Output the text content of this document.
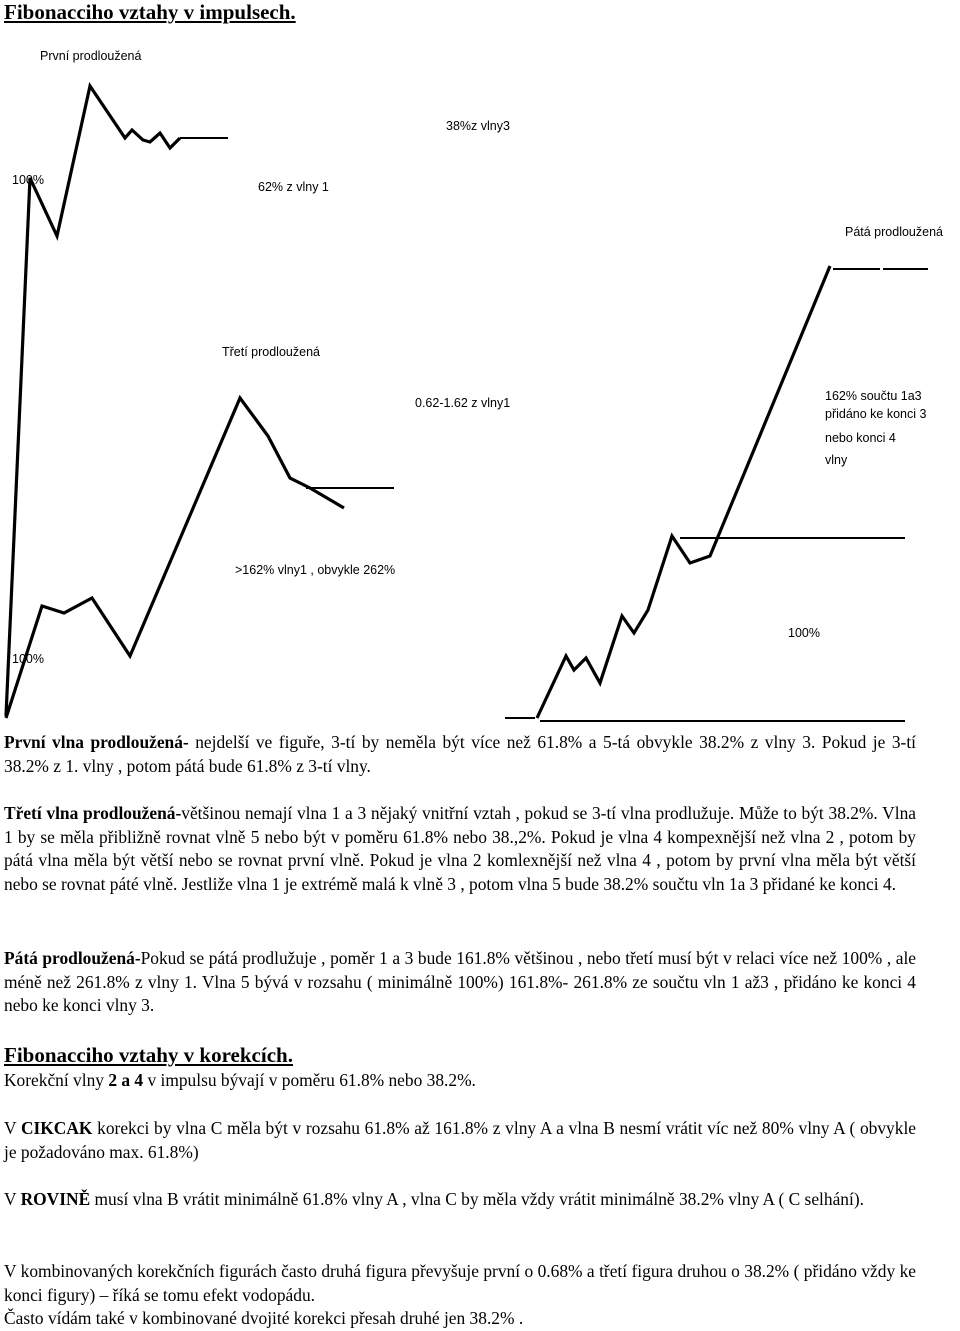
Fibonacciho vztahy v impulsech.
První prodloužená
100%
38%z vlny3
62% z vlny 1
Třetí prodloužená
0.62-1.62 z vlny1
>162% vlny1 , obvykle 262%
100%
Pátá prodloužená
162% součtu 1a3
přidáno ke konci 3
nebo konci 4
vlny
100%

První vlna prodloužená- nejdelší ve figuře, 3-tí by neměla být více než 61.8% a 5-tá obvykle 38.2% z vlny 3. Pokud je 3-tí 38.2% z 1. vlny , potom pátá bude 61.8% z 3-tí vlny.

Třetí vlna prodloužená-většinou nemají vlna 1 a 3 nějaký vnitřní vztah , pokud se 3-tí vlna prodlužuje. Může to být 38.2%. Vlna 1 by se měla přibližně rovnat vlně 5 nebo být v poměru 61.8% nebo 38.,2%. Pokud je vlna 4 kompexnější než vlna 2 , potom by pátá vlna měla být větší nebo se rovnat první vlně. Pokud je vlna 2 komlexnější než vlna 4 , potom by první vlna měla být větší nebo se rovnat páté vlně. Jestliže vlna 1 je extrémě malá k vlně 3 , potom vlna 5 bude 38.2% součtu vln 1a 3 přidané ke konci 4.

Pátá prodloužená-Pokud se pátá prodlužuje , poměr 1 a 3 bude 161.8% většinou , nebo třetí musí být v relaci více než 100% , ale méně než 261.8% z vlny 1. Vlna 5 bývá v rozsahu ( minimálně 100%) 161.8%- 261.8% ze součtu vln 1 až3 , přidáno ke konci 4 nebo ke konci vlny 3.

Fibonacciho vztahy v korekcích.

Korekční vlny 2 a 4 v impulsu bývají v poměru 61.8% nebo 38.2%.

V CIKCAK korekci by vlna C měla být v rozsahu 61.8% až 161.8% z vlny A a vlna B nesmí vrátit víc než 80% vlny A ( obvykle je požadováno max. 61.8%)

V ROVINĚ musí vlna B vrátit minimálně 61.8% vlny A , vlna C by měla vždy vrátit minimálně 38.2% vlny A ( C selhání).

V kombinovaných korekčních figurách často druhá figura převyšuje první o 0.68% a třetí figura druhou o 38.2% ( přidáno vždy ke konci figury) – říká se tomu efekt vodopádu.
Často vídám také v kombinované dvojité korekci přesah druhé jen 38.2% .
